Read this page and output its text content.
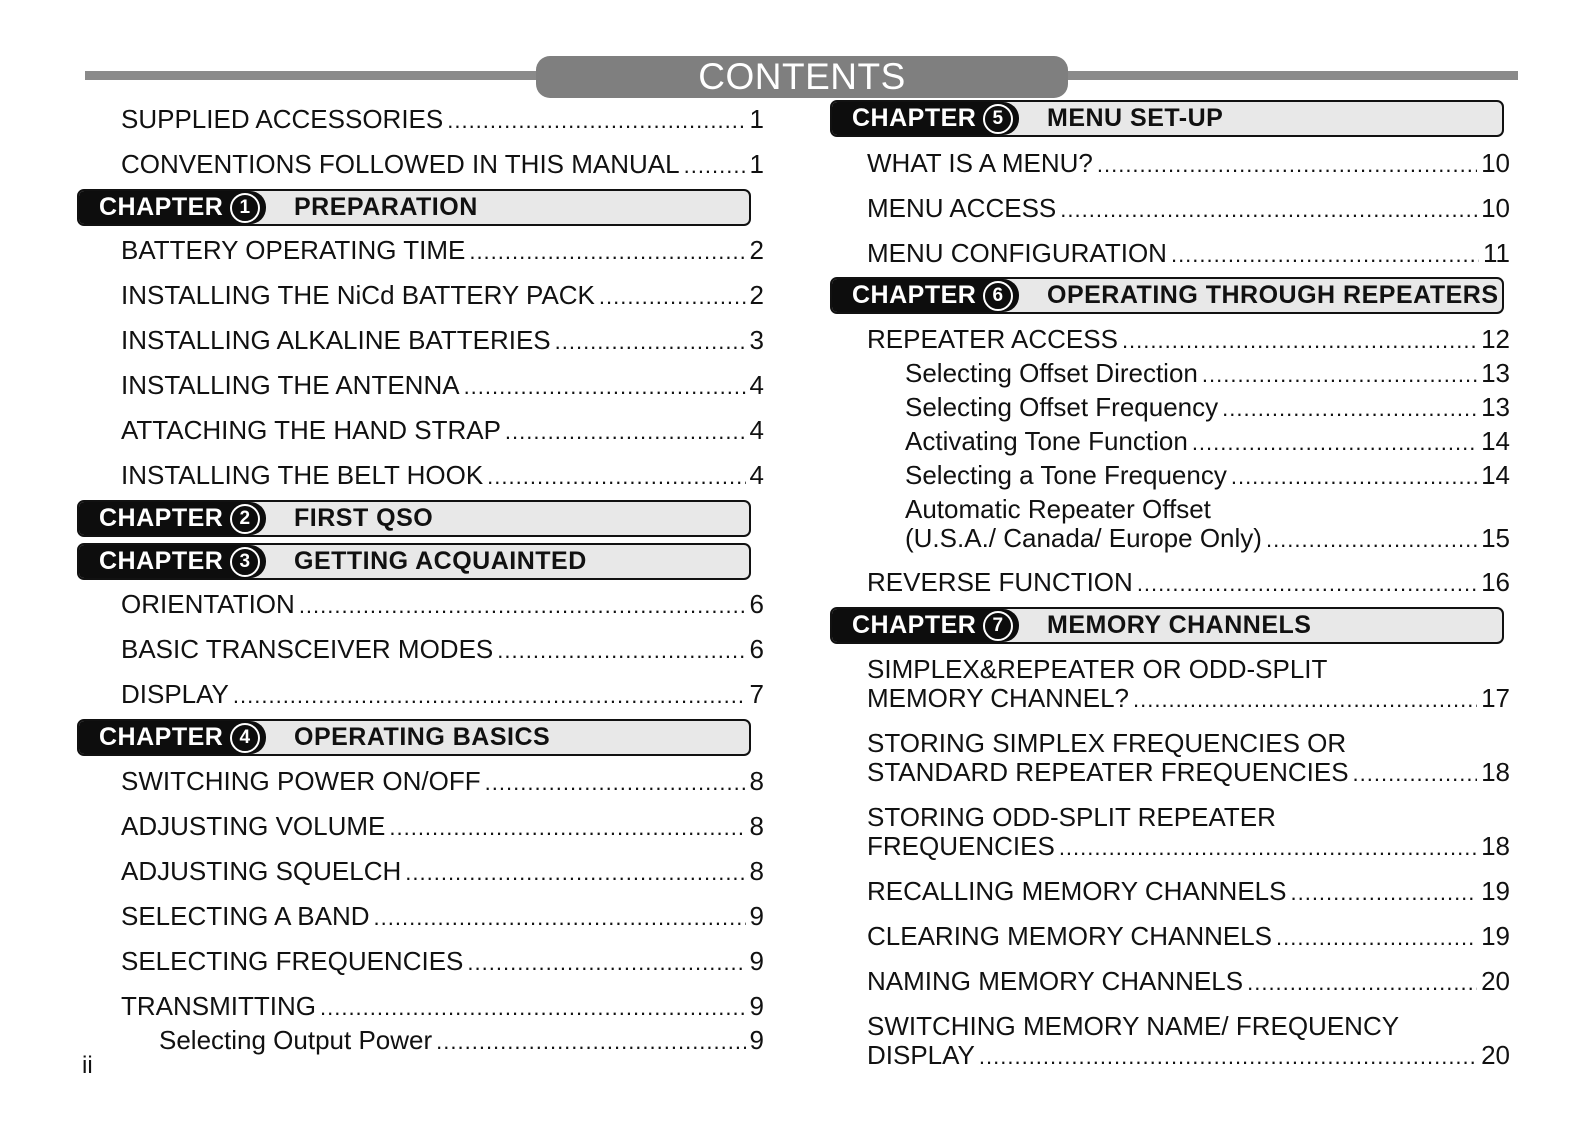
CONTENTS
SUPPLIED ACCESSORIES .....	1
CONVENTIONS FOLLOWED IN THIS MANUAL .....	1
CHAPTER 1	PREPARATION
BATTERY OPERATING TIME .....	2
INSTALLING THE NiCd BATTERY PACK .....	2
INSTALLING ALKALINE BATTERIES .....	3
INSTALLING THE ANTENNA .....	4
ATTACHING THE HAND STRAP .....	4
INSTALLING THE BELT HOOK .....	4
CHAPTER 2	FIRST QSO
CHAPTER 3	GETTING ACQUAINTED
ORIENTATION .....	6
BASIC TRANSCEIVER MODES .....	6
DISPLAY .....	7
CHAPTER 4	OPERATING BASICS
SWITCHING POWER ON/OFF .....	8
ADJUSTING VOLUME .....	8
ADJUSTING SQUELCH .....	8
SELECTING A BAND .....	9
SELECTING FREQUENCIES .....	9
TRANSMITTING .....	9
Selecting Output Power .....	9
CHAPTER 5	MENU SET-UP
WHAT IS A MENU? .....	10
MENU ACCESS .....	10
MENU CONFIGURATION .....	11
CHAPTER 6	OPERATING THROUGH REPEATERS
REPEATER ACCESS .....	12
Selecting Offset Direction .....	13
Selecting Offset Frequency .....	13
Activating Tone Function .....	14
Selecting a Tone Frequency .....	14
Automatic Repeater Offset
(U.S.A./ Canada/ Europe Only) .....	15
REVERSE FUNCTION .....	16
CHAPTER 7	MEMORY CHANNELS
SIMPLEX&REPEATER OR ODD-SPLIT
MEMORY CHANNEL? .....	17
STORING SIMPLEX FREQUENCIES OR
STANDARD REPEATER FREQUENCIES .....	18
STORING ODD-SPLIT REPEATER
FREQUENCIES .....	18
RECALLING MEMORY CHANNELS .....	19
CLEARING MEMORY CHANNELS .....	19
NAMING MEMORY CHANNELS .....	20
SWITCHING MEMORY NAME/ FREQUENCY
DISPLAY .....	20
ii
